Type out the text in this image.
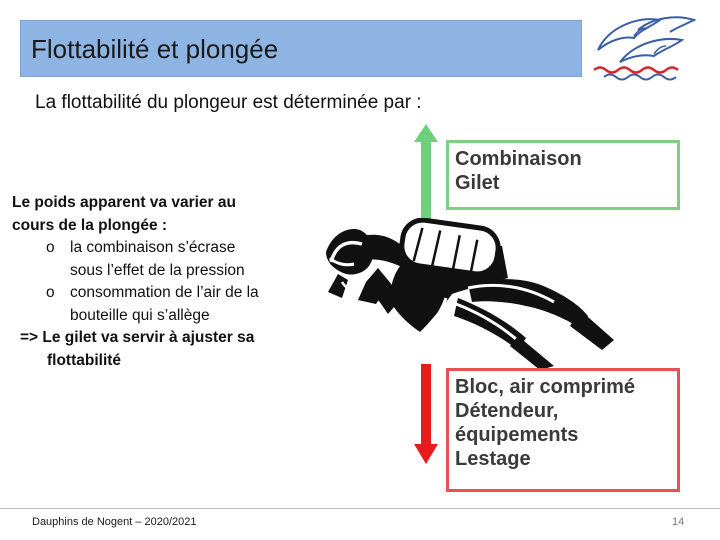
Flottabilité et plongée
La flottabilité du plongeur est déterminée par :
Le poids apparent va varier au
cours de la plongée :
o la combinaison s’écrase
sous l’effet de la pression
o consommation de l’air de la
bouteille qui s’allège
=> Le gilet va servir à ajuster sa
flottabilité
Combinaison
Gilet
Bloc, air comprimé
Détendeur,
équipements
Lestage
Dauphins de Nogent – 2020/2021	14
